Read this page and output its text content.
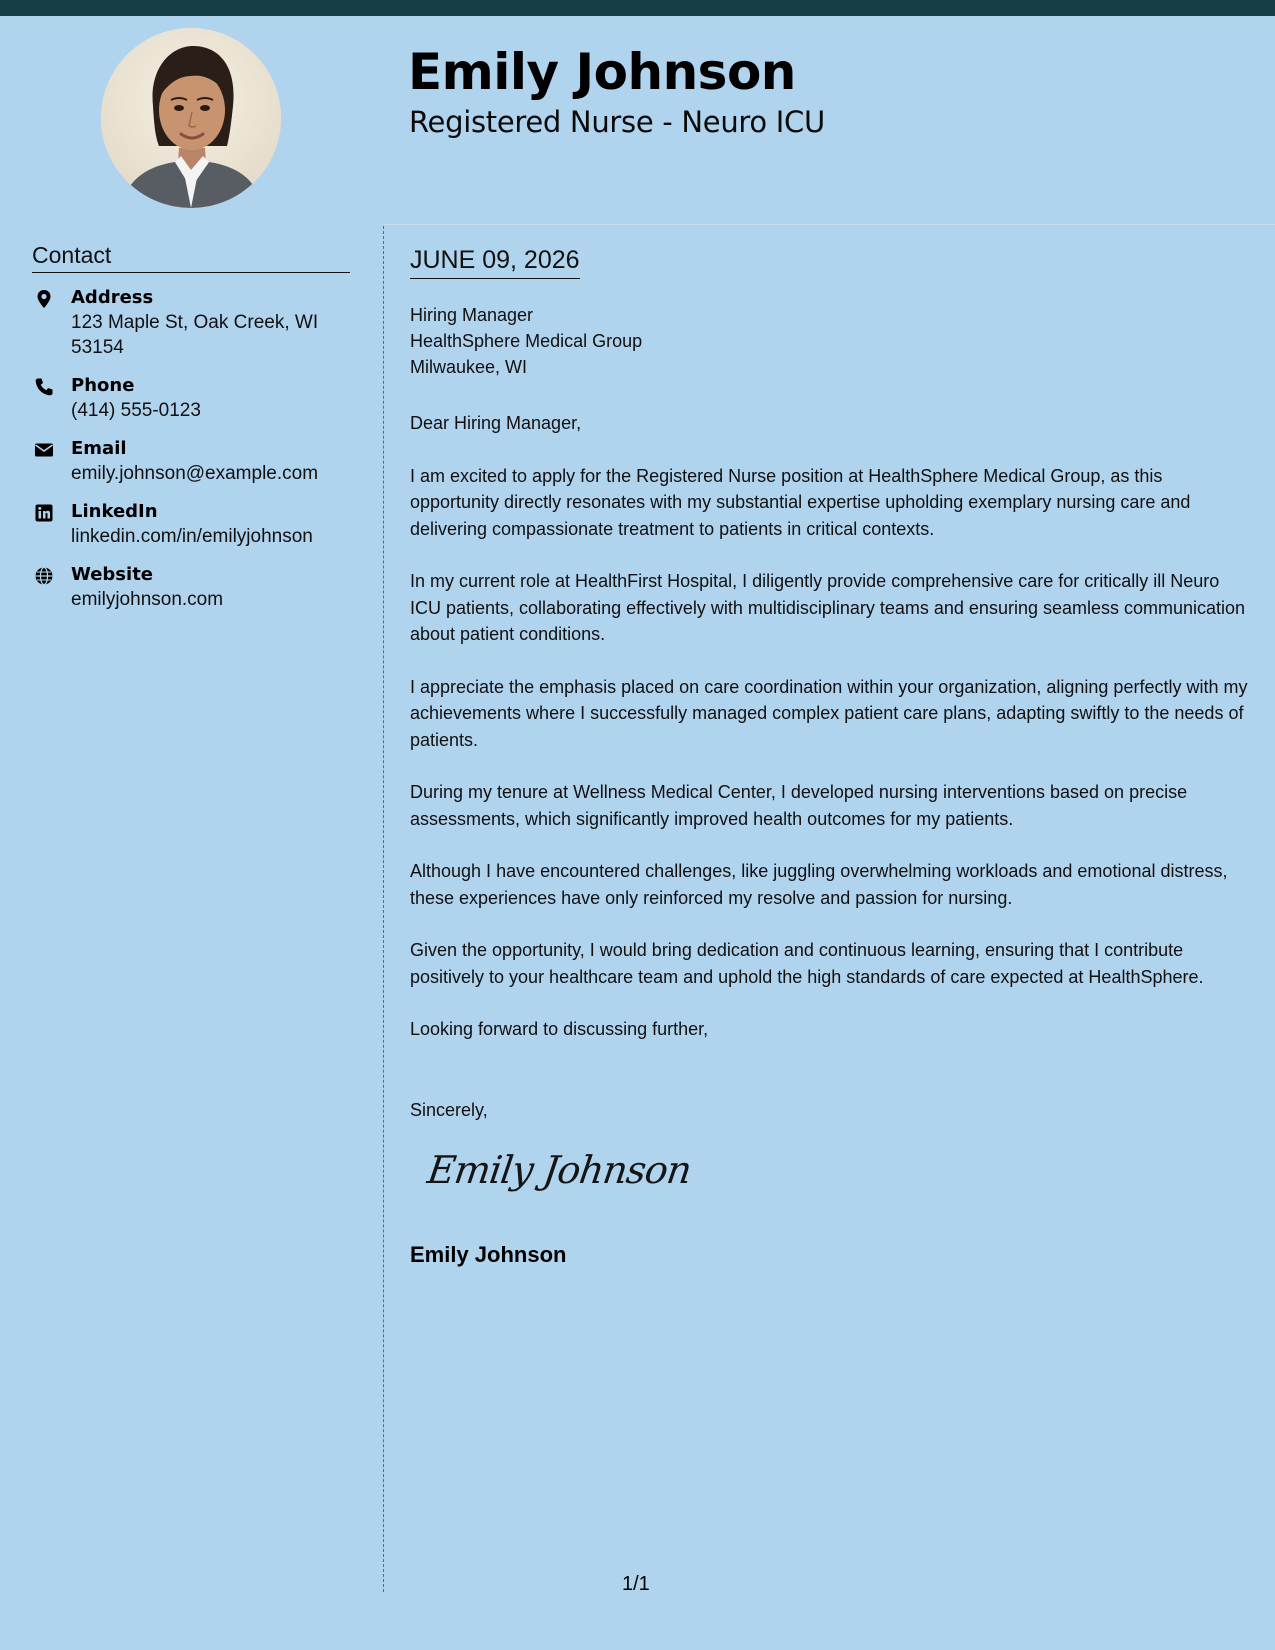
Emily Johnson
Registered Nurse - Neuro ICU
Contact
Address
123 Maple St, Oak Creek, WI 53154
Phone
(414) 555-0123
Email
emily.johnson@example.com
LinkedIn
linkedin.com/in/emilyjohnson
Website
emilyjohnson.com
JUNE 09, 2026
Hiring Manager
HealthSphere Medical Group
Milwaukee, WI

Dear Hiring Manager,

I am excited to apply for the Registered Nurse position at HealthSphere Medical Group, as this opportunity directly resonates with my substantial expertise upholding exemplary nursing care and delivering compassionate treatment to patients in critical contexts.

In my current role at HealthFirst Hospital, I diligently provide comprehensive care for critically ill Neuro ICU patients, collaborating effectively with multidisciplinary teams and ensuring seamless communication about patient conditions.

I appreciate the emphasis placed on care coordination within your organization, aligning perfectly with my achievements where I successfully managed complex patient care plans, adapting swiftly to the needs of patients.

During my tenure at Wellness Medical Center, I developed nursing interventions based on precise assessments, which significantly improved health outcomes for my patients.

Although I have encountered challenges, like juggling overwhelming workloads and emotional distress, these experiences have only reinforced my resolve and passion for nursing.

Given the opportunity, I would bring dedication and continuous learning, ensuring that I contribute positively to your healthcare team and uphold the high standards of care expected at HealthSphere.

Looking forward to discussing further,

Sincerely,
Emily Johnson
Emily Johnson
1/1
